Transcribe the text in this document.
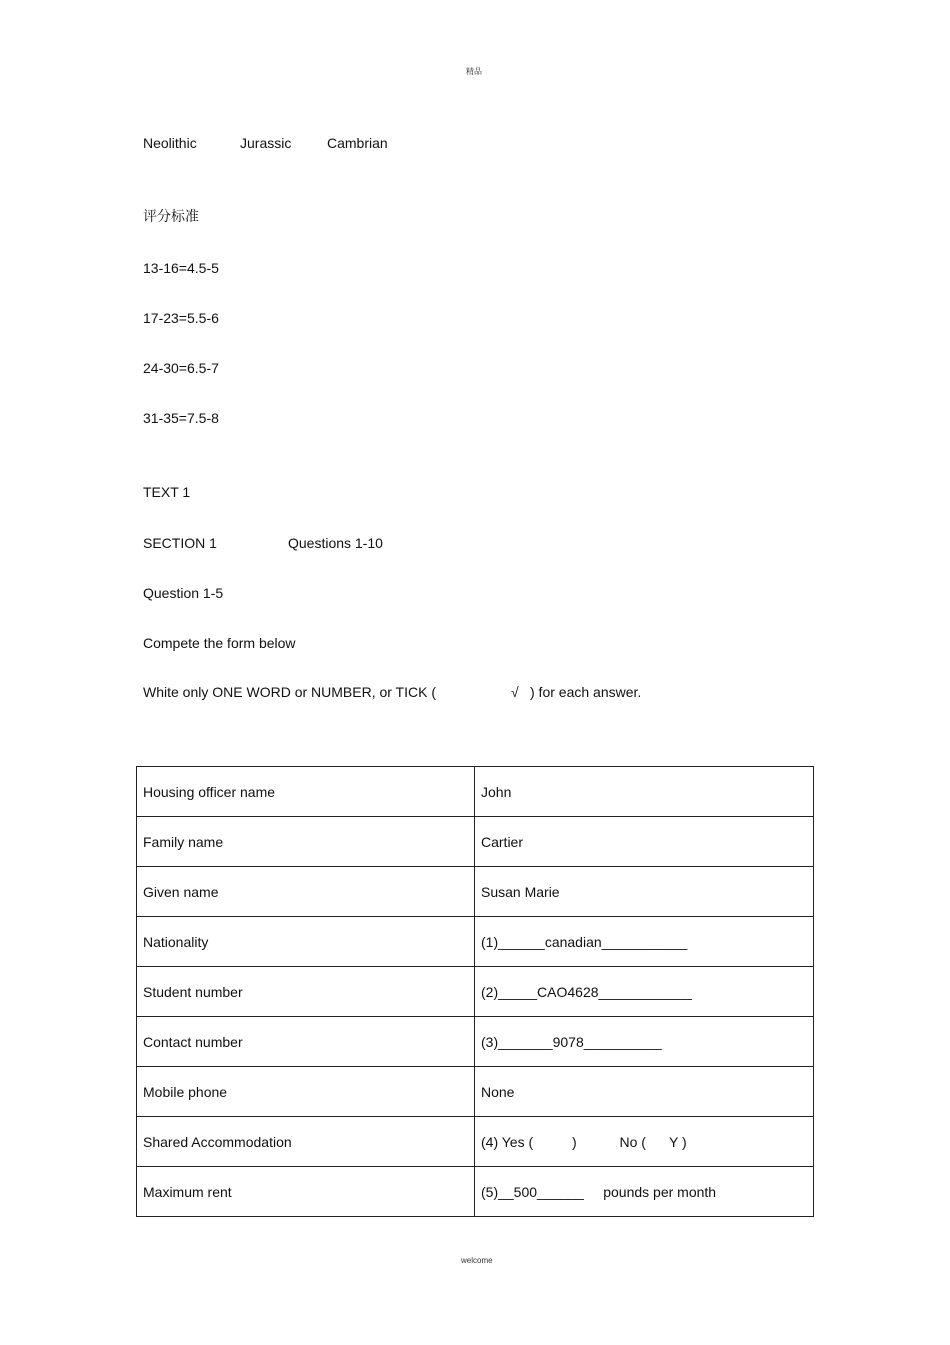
精品
Neolithic	Jurassic	Cambrian
评分标准
13-16=4.5-5
17-23=5.5-6
24-30=6.5-7
31-35=7.5-8
TEXT 1
SECTION 1	Questions 1-10
Question 1-5
Compete the form below
White only ONE WORD or NUMBER, or TICK (	√ ) for each answer.
Housing officer name	John
Family name	Cartier
Given name	Susan Marie
Nationality	(1)______canadian___________
Student number	(2)_____CAO4628____________
Contact number	(3)_______9078__________
Mobile phone	None
Shared Accommodation	(4) Yes (          )           No (      Y )
Maximum rent	(5)__500______     pounds per month
welcome
